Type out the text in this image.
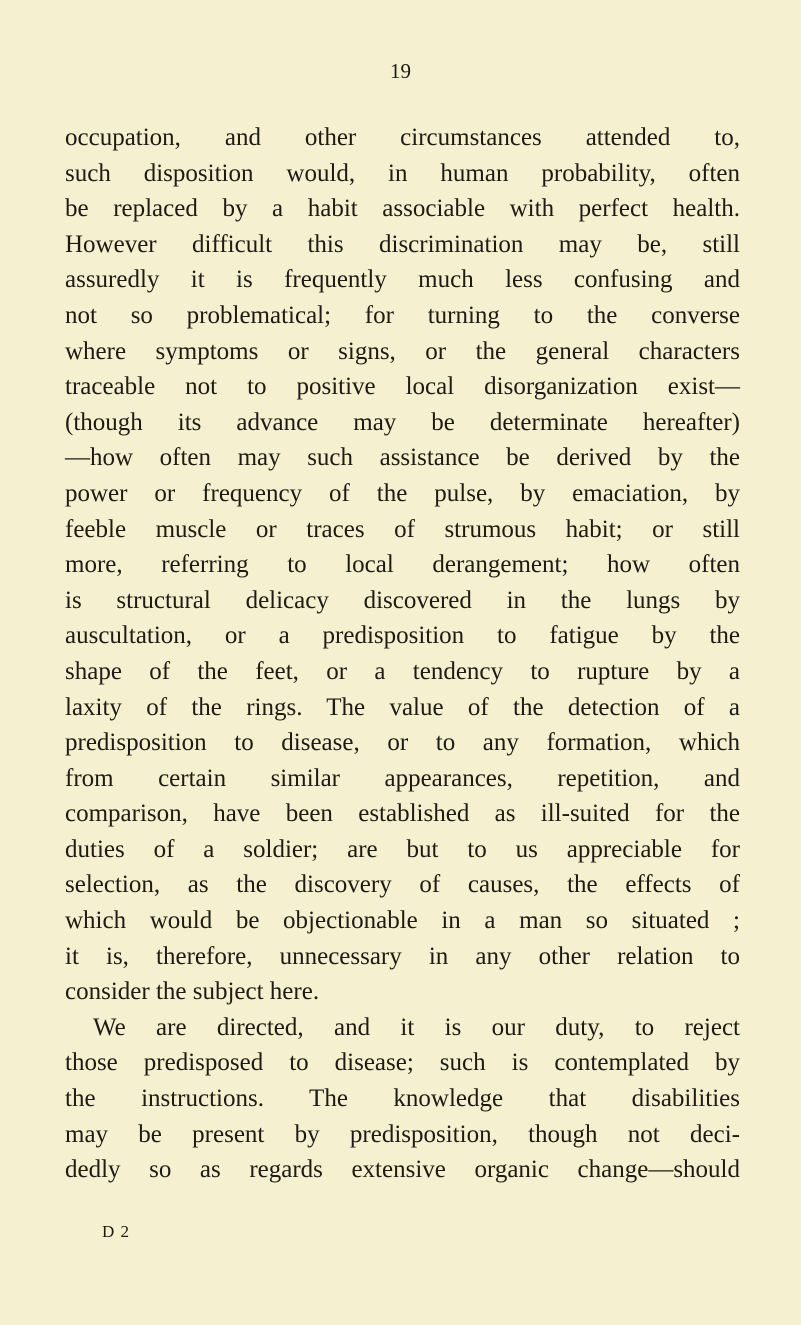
19
occupation, and other circumstances attended to,
such disposition would, in human probability, often
be replaced by a habit associable with perfect health.
However difficult this discrimination may be, still
assuredly it is frequently much less confusing and
not so problematical; for turning to the converse
where symptoms or signs, or the general characters
traceable not to positive local disorganization exist—
(though its advance may be determinate hereafter)
—how often may such assistance be derived by the
power or frequency of the pulse, by emaciation, by
feeble muscle or traces of strumous habit; or still
more, referring to local derangement; how often
is structural delicacy discovered in the lungs by
auscultation, or a predisposition to fatigue by the
shape of the feet, or a tendency to rupture by a
laxity of the rings. The value of the detection of a
predisposition to disease, or to any formation, which
from certain similar appearances, repetition, and
comparison, have been established as ill-suited for the
duties of a soldier; are but to us appreciable for
selection, as the discovery of causes, the effects of
which would be objectionable in a man so situated ;
it is, therefore, unnecessary in any other relation to
consider the subject here.
We are directed, and it is our duty, to reject
those predisposed to disease; such is contemplated by
the instructions. The knowledge that disabilities
may be present by predisposition, though not deci-
dedly so as regards extensive organic change—should
D 2
